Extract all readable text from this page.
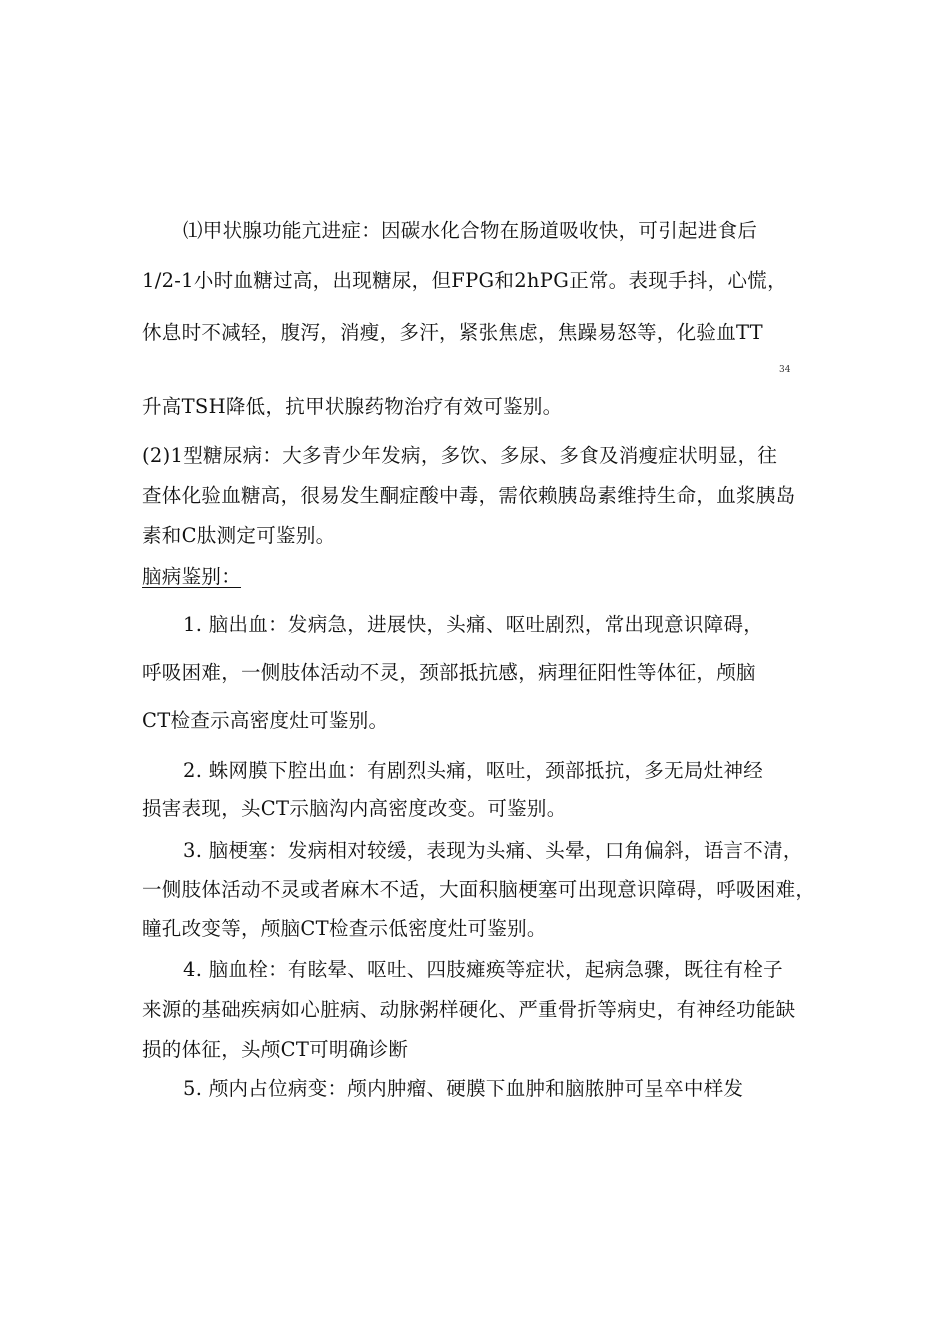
⑴甲状腺功能亢进症：因碳水化合物在肠道吸收快，可引起进食后
1/2-1小时血糖过高，出现糖尿，但FPG和2hPG正常。表现手抖，心慌，
休息时不减轻，腹泻，消瘦，多汗，紧张焦虑，焦躁易怒等，化验血TT
34
升高TSH降低，抗甲状腺药物治疗有效可鉴别。
(2)1型糖尿病：大多青少年发病，多饮、多尿、多食及消瘦症状明显，往
查体化验血糖高，很易发生酮症酸中毒，需依赖胰岛素维持生命，血浆胰岛
素和C肽测定可鉴别。
脑病鉴别：
1. 脑出血：发病急，进展快，头痛、呕吐剧烈，常出现意识障碍，
呼吸困难，一侧肢体活动不灵，颈部抵抗感，病理征阳性等体征，颅脑
CT检查示高密度灶可鉴别。
2. 蛛网膜下腔出血：有剧烈头痛，呕吐，颈部抵抗，多无局灶神经
损害表现，头CT示脑沟内高密度改变。可鉴别。
3. 脑梗塞：发病相对较缓，表现为头痛、头晕，口角偏斜，语言不清，
一侧肢体活动不灵或者麻木不适，大面积脑梗塞可出现意识障碍，呼吸困难，
瞳孔改变等，颅脑CT检查示低密度灶可鉴别。
4. 脑血栓：有眩晕、呕吐、四肢瘫痪等症状，起病急骤，既往有栓子
来源的基础疾病如心脏病、动脉粥样硬化、严重骨折等病史，有神经功能缺
损的体征，头颅CT可明确诊断
5. 颅内占位病变：颅内肿瘤、硬膜下血肿和脑脓肿可呈卒中样发
